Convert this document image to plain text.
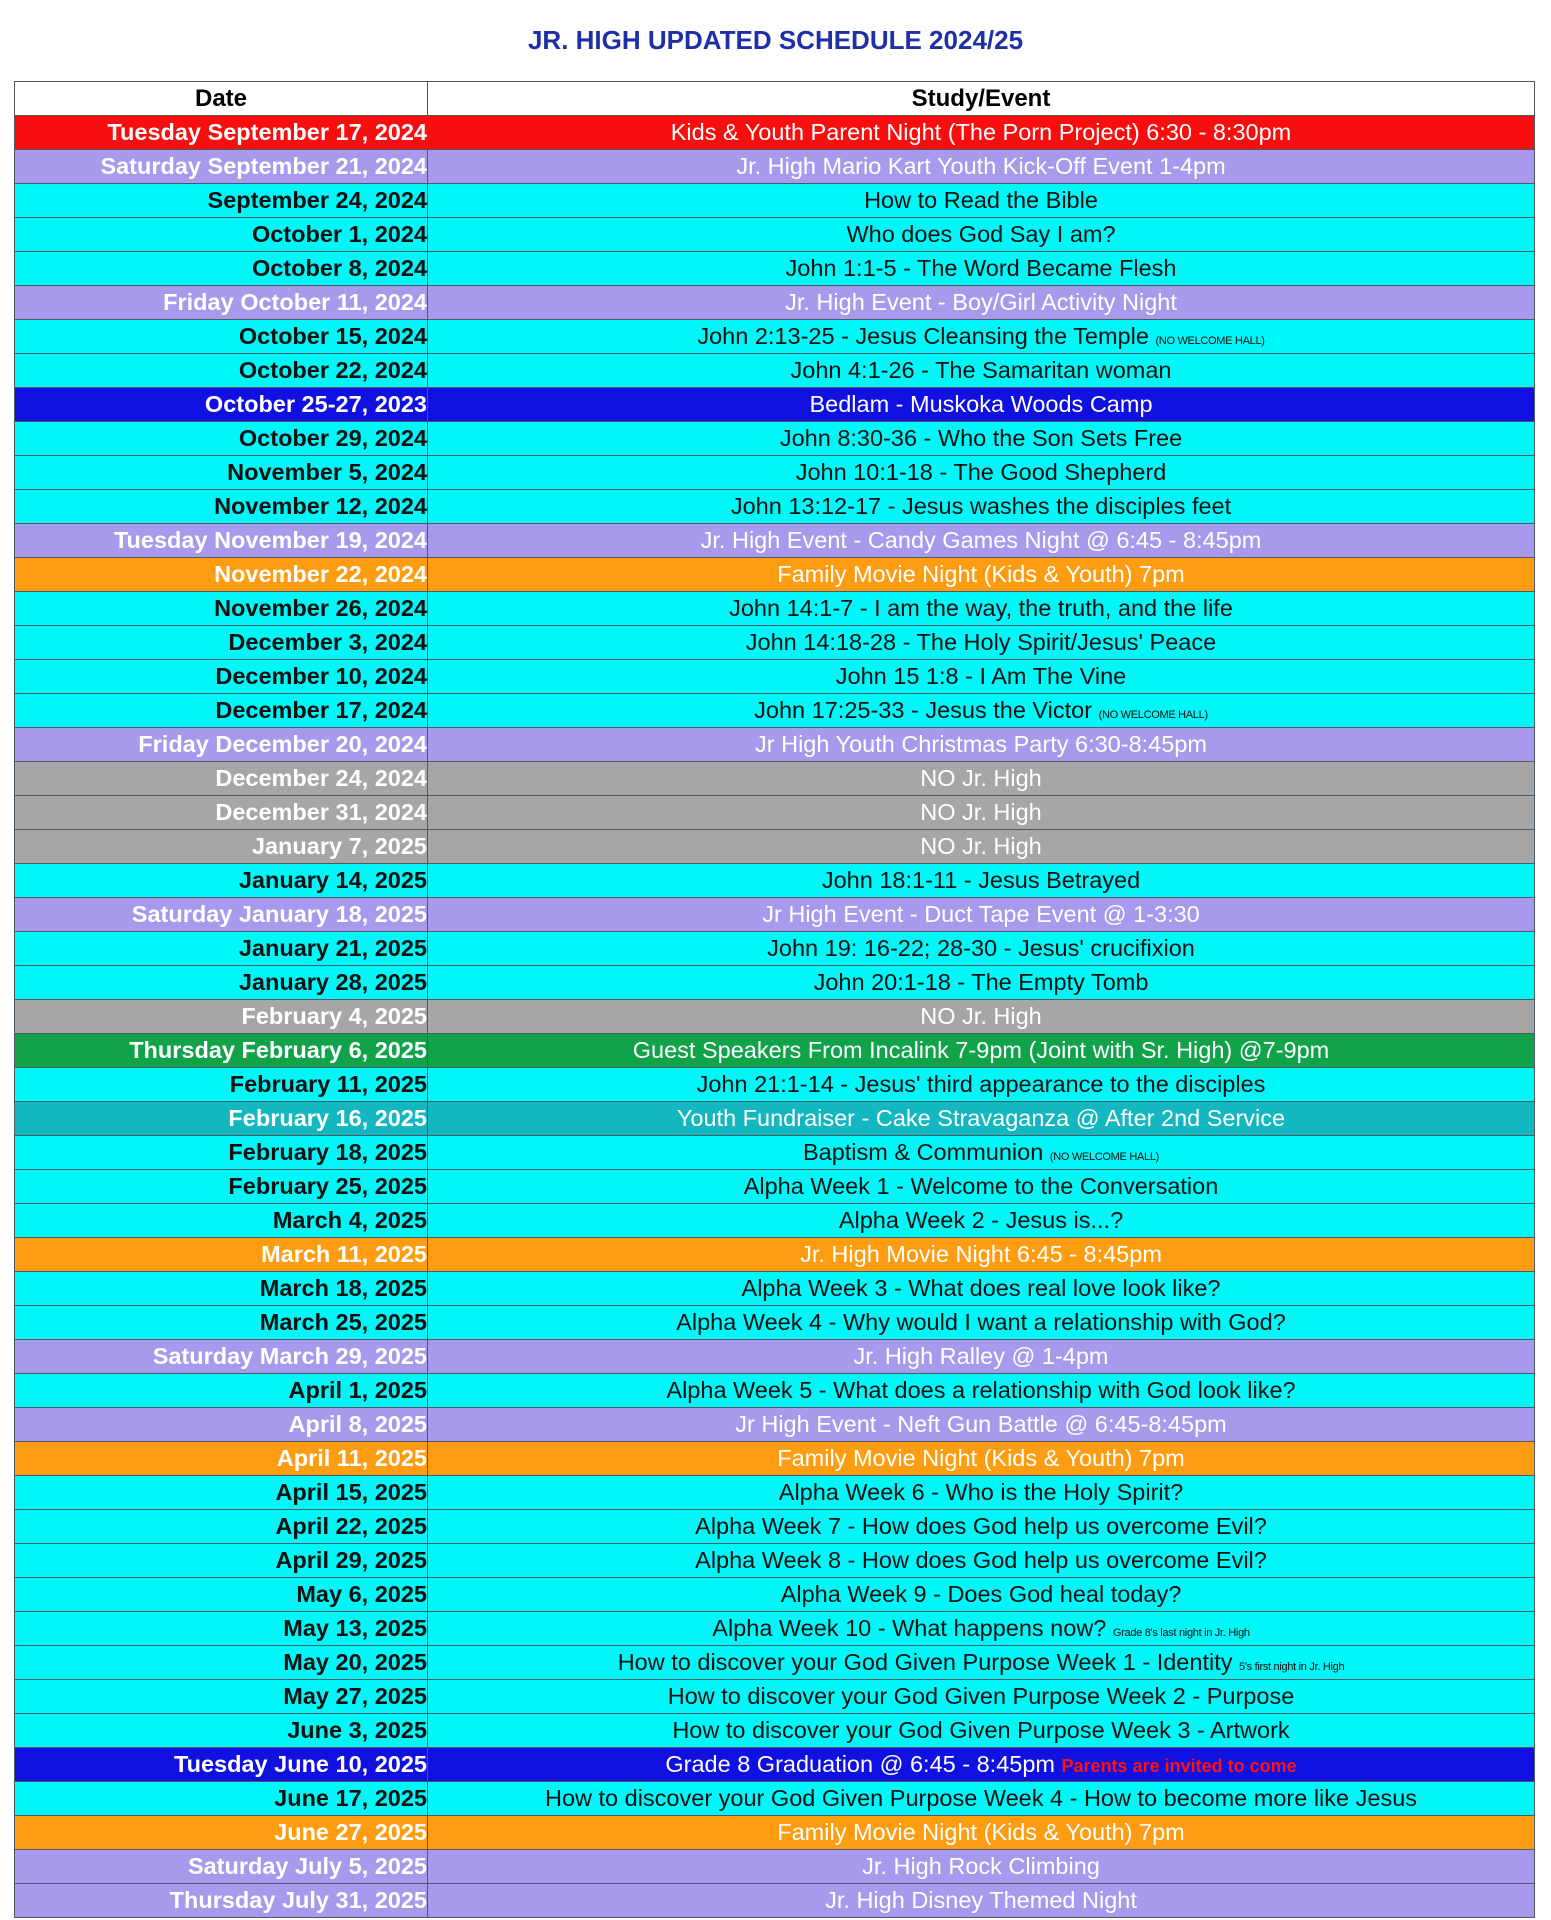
JR. HIGH UPDATED SCHEDULE 2024/25
Date	Study/Event
Tuesday September 17, 2024	Kids & Youth Parent Night (The Porn Project) 6:30 - 8:30pm
Saturday September 21, 2024	Jr. High Mario Kart Youth Kick-Off Event 1-4pm
September 24, 2024	How to Read the Bible
October 1, 2024	Who does God Say I am?
October 8, 2024	John 1:1-5 - The Word Became Flesh
Friday October 11, 2024	Jr. High Event - Boy/Girl Activity Night
October 15, 2024	John 2:13-25 - Jesus Cleansing the Temple (NO WELCOME HALL)
October 22, 2024	John 4:1-26 - The Samaritan woman
October 25-27, 2023	Bedlam - Muskoka Woods Camp
October 29, 2024	John 8:30-36 - Who the Son Sets Free
November 5, 2024	John 10:1-18 - The Good Shepherd
November 12, 2024	John 13:12-17 - Jesus washes the disciples feet
Tuesday November 19, 2024	Jr. High Event - Candy Games Night @ 6:45 - 8:45pm
November 22, 2024	Family Movie Night (Kids & Youth) 7pm
November 26, 2024	John 14:1-7 - I am the way, the truth, and the life
December 3, 2024	John 14:18-28 - The Holy Spirit/Jesus' Peace
December 10, 2024	John 15 1:8 - I Am The Vine
December 17, 2024	John 17:25-33 - Jesus the Victor (NO WELCOME HALL)
Friday December 20, 2024	Jr High Youth Christmas Party 6:30-8:45pm
December 24, 2024	NO Jr. High
December 31, 2024	NO Jr. High
January 7, 2025	NO Jr. High
January 14, 2025	John 18:1-11 - Jesus Betrayed
Saturday January 18, 2025	Jr High Event - Duct Tape Event @ 1-3:30
January 21, 2025	John 19: 16-22; 28-30 - Jesus' crucifixion
January 28, 2025	John 20:1-18 - The Empty Tomb
February 4, 2025	NO Jr. High
Thursday February 6, 2025	Guest Speakers From Incalink 7-9pm (Joint with Sr. High) @7-9pm
February 11, 2025	John 21:1-14 - Jesus' third appearance to the disciples
February 16, 2025	Youth Fundraiser - Cake Stravaganza @ After 2nd Service
February 18, 2025	Baptism & Communion (NO WELCOME HALL)
February 25, 2025	Alpha Week 1 - Welcome to the Conversation
March 4, 2025	Alpha Week 2 - Jesus is...?
March 11, 2025	Jr. High Movie Night 6:45 - 8:45pm
March 18, 2025	Alpha Week 3 - What does real love look like?
March 25, 2025	Alpha Week 4 - Why would I want a relationship with God?
Saturday March 29, 2025	Jr. High Ralley @ 1-4pm
April 1, 2025	Alpha Week 5 - What does a relationship with God look like?
April 8, 2025	Jr High Event - Neft Gun Battle @ 6:45-8:45pm
April 11, 2025	Family Movie Night (Kids & Youth) 7pm
April 15, 2025	Alpha Week 6 - Who is the Holy Spirit?
April 22, 2025	Alpha Week 7 - How does God help us overcome Evil?
April 29, 2025	Alpha Week 8 - How does God help us overcome Evil?
May 6, 2025	Alpha Week 9 - Does God heal today?
May 13, 2025	Alpha Week 10 - What happens now? Grade 8's last night in Jr. High
May 20, 2025	How to discover your God Given Purpose Week 1 - Identity 5's first night in Jr. High
May 27, 2025	How to discover your God Given Purpose Week 2 - Purpose
June 3, 2025	How to discover your God Given Purpose Week 3 - Artwork
Tuesday June 10, 2025	Grade 8 Graduation @ 6:45 - 8:45pm Parents are invited to come
June 17, 2025	How to discover your God Given Purpose Week 4 - How to become more like Jesus
June 27, 2025	Family Movie Night (Kids & Youth) 7pm
Saturday July 5, 2025	Jr. High Rock Climbing
Thursday July 31, 2025	Jr. High Disney Themed Night
